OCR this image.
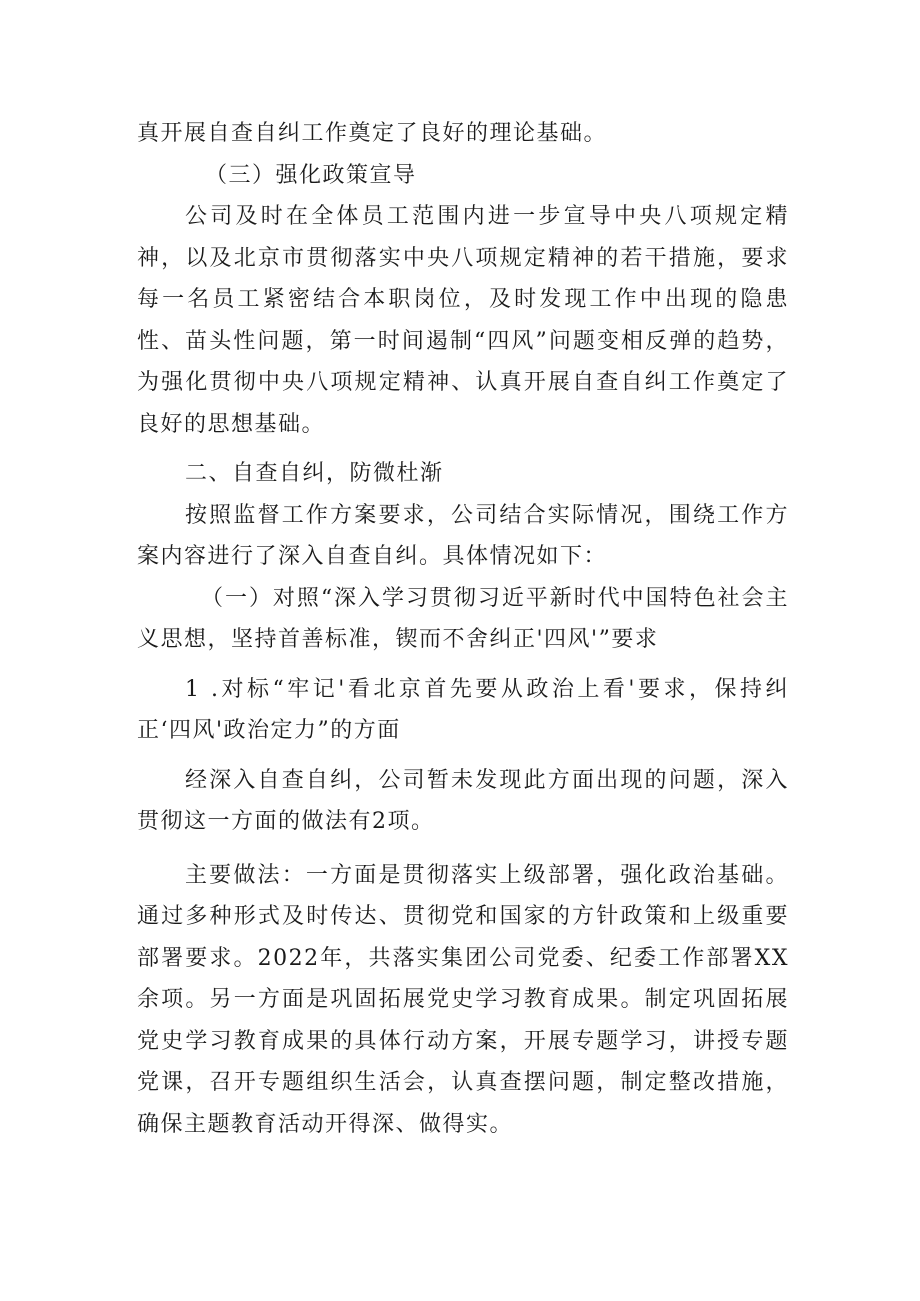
真开展自查自纠工作奠定了良好的理论基础。

（三）强化政策宣导

公司及时在全体员工范围内进一步宣导中央八项规定精神，以及北京市贯彻落实中央八项规定精神的若干措施，要求每一名员工紧密结合本职岗位，及时发现工作中出现的隐患性、苗头性问题，第一时间遏制“四风”问题变相反弹的趋势，为强化贯彻中央八项规定精神、认真开展自查自纠工作奠定了良好的思想基础。

二、自查自纠，防微杜渐

按照监督工作方案要求，公司结合实际情况，围绕工作方案内容进行了深入自查自纠。具体情况如下：

（一）对照“深入学习贯彻习近平新时代中国特色社会主义思想，坚持首善标准，锲而不舍纠正'四风'”要求

1 .对标“牢记'看北京首先要从政治上看'要求，保持纠正‘四风'政治定力”的方面

经深入自查自纠，公司暂未发现此方面出现的问题，深入贯彻这一方面的做法有2项。

主要做法：一方面是贯彻落实上级部署，强化政治基础。通过多种形式及时传达、贯彻党和国家的方针政策和上级重要部署要求。2022年，共落实集团公司党委、纪委工作部署XX余项。另一方面是巩固拓展党史学习教育成果。制定巩固拓展党史学习教育成果的具体行动方案，开展专题学习，讲授专题党课，召开专题组织生活会，认真查摆问题，制定整改措施，确保主题教育活动开得深、做得实。
